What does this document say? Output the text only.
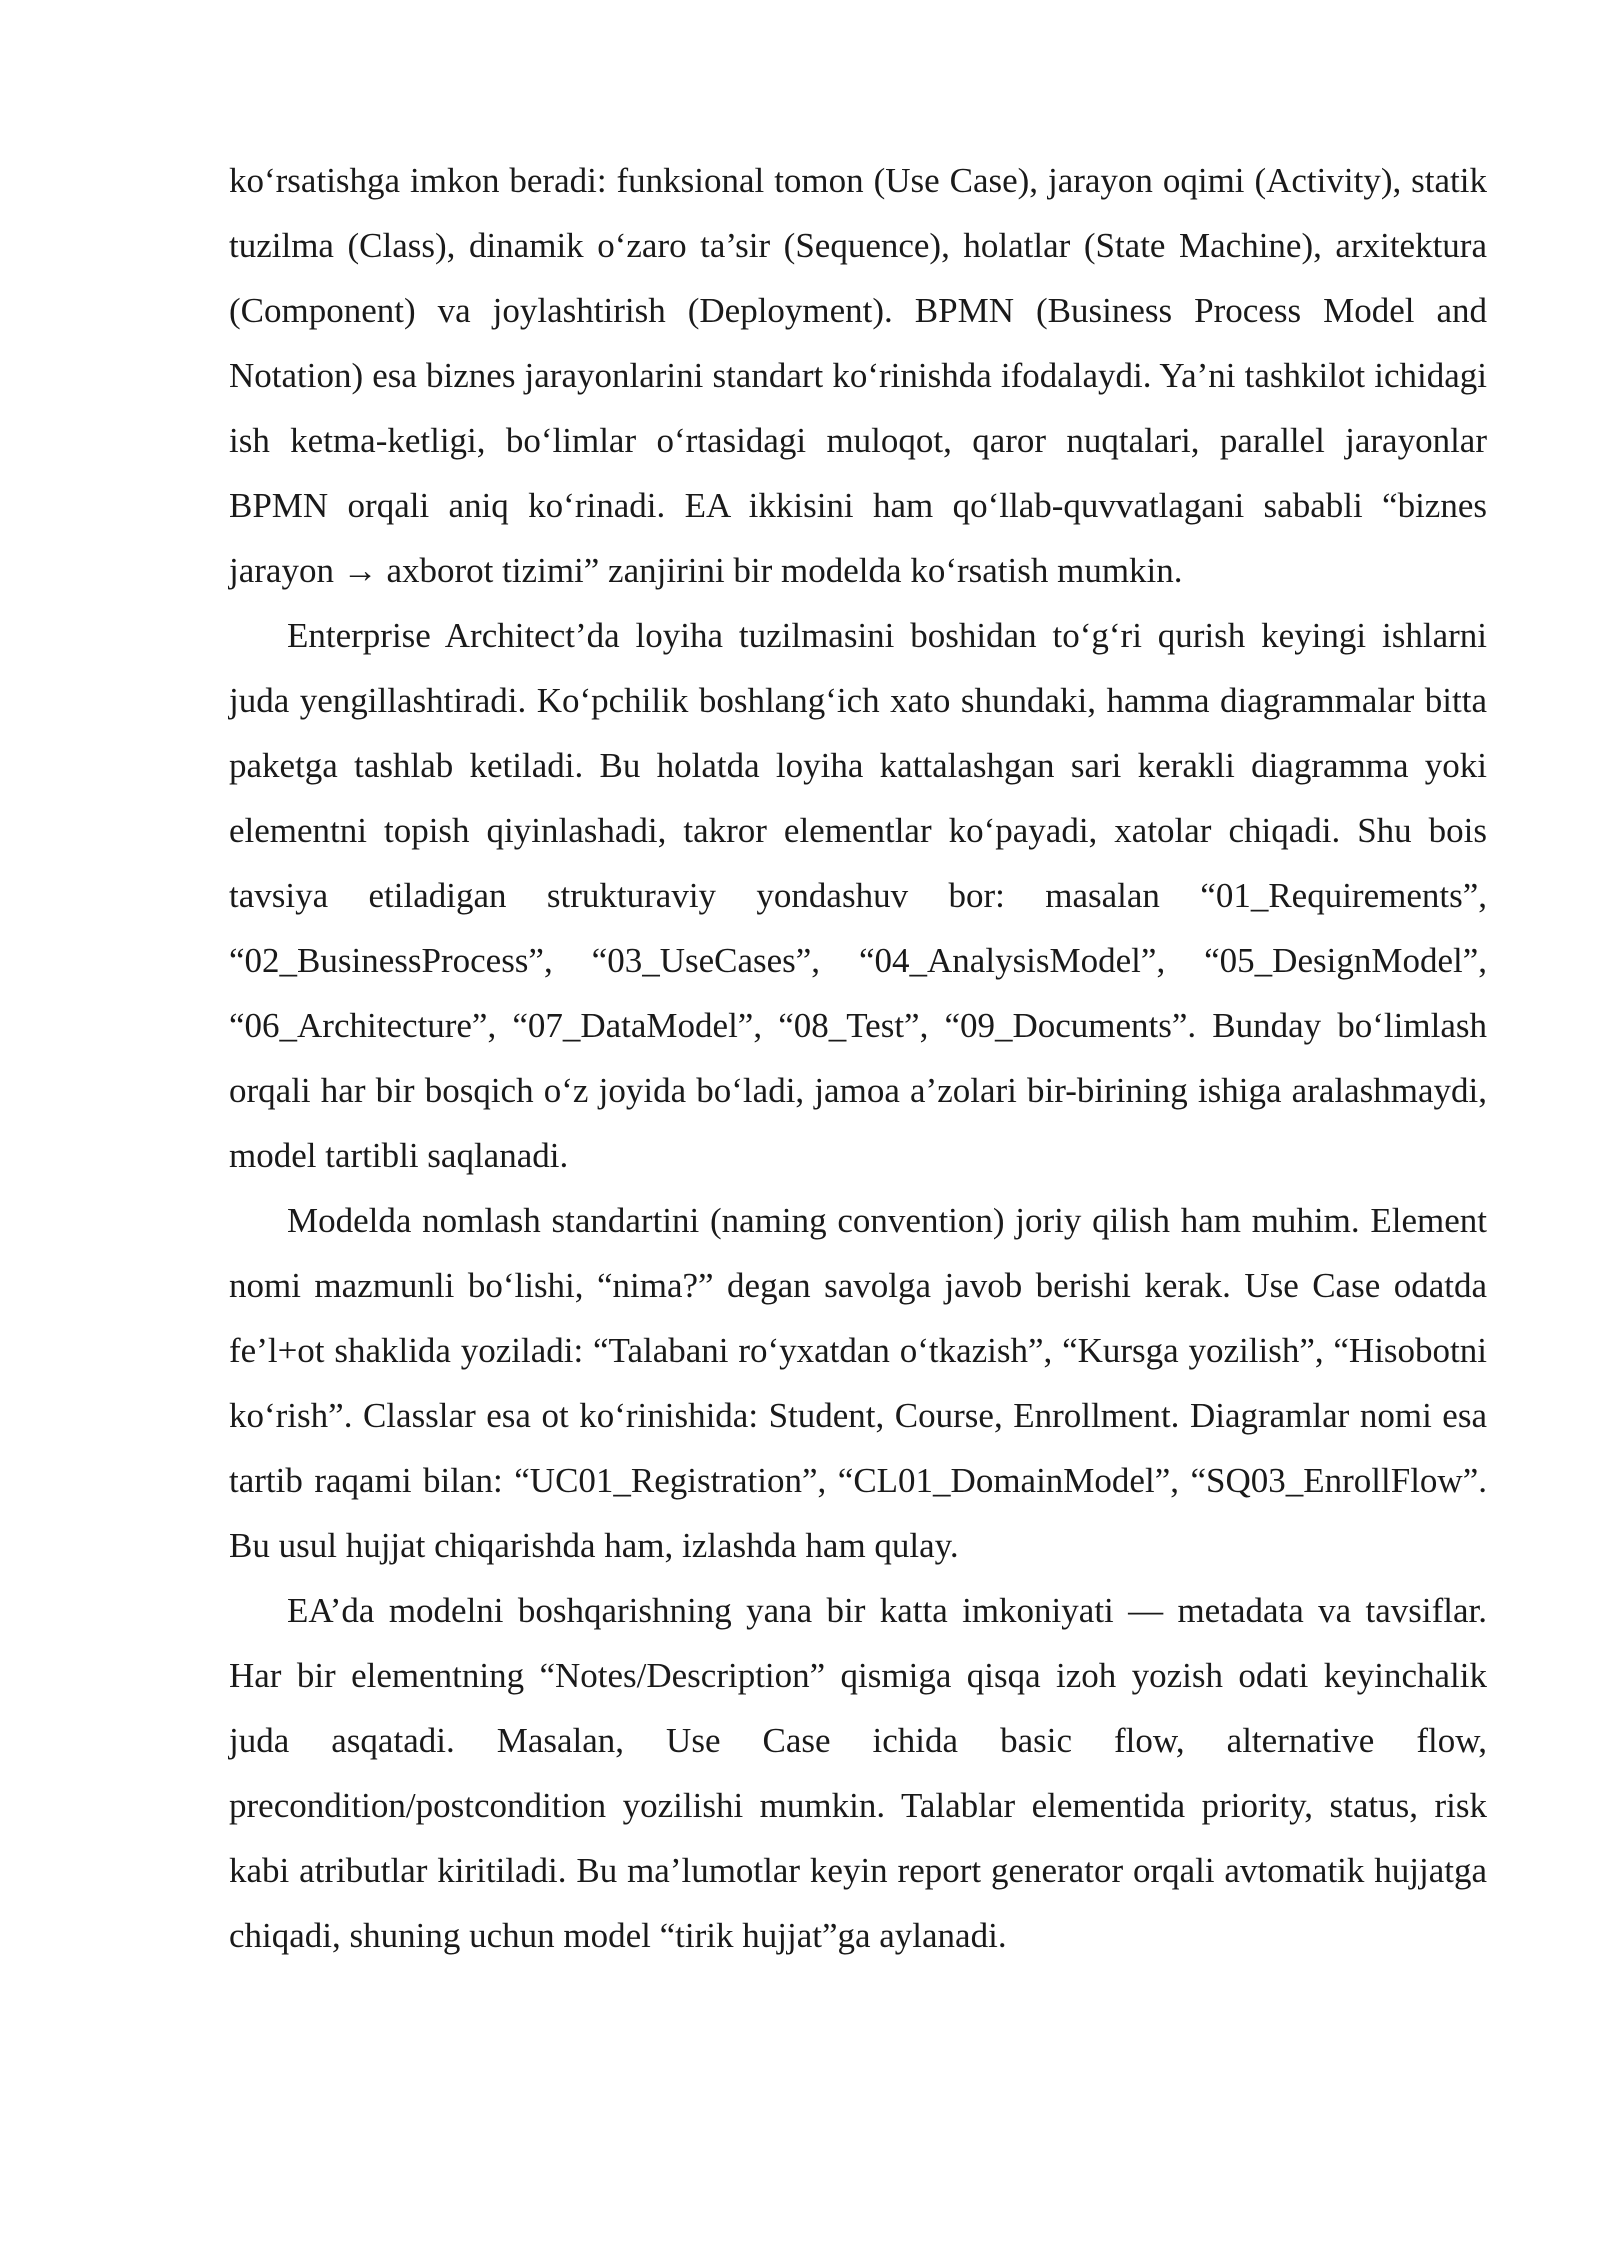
ko‘rsatishga imkon beradi: funksional tomon (Use Case), jarayon oqimi (Activity), statik tuzilma (Class), dinamik o‘zaro ta’sir (Sequence), holatlar (State Machine), arxitektura (Component) va joylashtirish (Deployment). BPMN (Business Process Model and Notation) esa biznes jarayonlarini standart ko‘rinishda ifodalaydi. Ya’ni tashkilot ichidagi ish ketma-ketligi, bo‘limlar o‘rtasidagi muloqot, qaror nuqtalari, parallel jarayonlar BPMN orqali aniq ko‘rinadi. EA ikkisini ham qo‘llab-quvvatlagani sababli “biznes jarayon → axborot tizimi” zanjirini bir modelda ko‘rsatish mumkin.

Enterprise Architect’da loyiha tuzilmasini boshidan to‘g‘ri qurish keyingi ishlarni juda yengillashtiradi. Ko‘pchilik boshlang‘ich xato shundaki, hamma diagrammalar bitta paketga tashlab ketiladi. Bu holatda loyiha kattalashgan sari kerakli diagramma yoki elementni topish qiyinlashadi, takror elementlar ko‘payadi, xatolar chiqadi. Shu bois tavsiya etiladigan strukturaviy yondashuv bor: masalan “01_Requirements”, “02_BusinessProcess”, “03_UseCases”, “04_AnalysisModel”, “05_DesignModel”, “06_Architecture”, “07_DataModel”, “08_Test”, “09_Documents”. Bunday bo‘limlash orqali har bir bosqich o‘z joyida bo‘ladi, jamoa a’zolari bir-birining ishiga aralashmaydi, model tartibli saqlanadi.

Modelda nomlash standartini (naming convention) joriy qilish ham muhim. Element nomi mazmunli bo‘lishi, “nima?” degan savolga javob berishi kerak. Use Case odatda fe’l+ot shaklida yoziladi: “Talabani ro‘yxatdan o‘tkazish”, “Kursga yozilish”, “Hisobotni ko‘rish”. Classlar esa ot ko‘rinishida: Student, Course, Enrollment. Diagramlar nomi esa tartib raqami bilan: “UC01_Registration”, “CL01_DomainModel”, “SQ03_EnrollFlow”. Bu usul hujjat chiqarishda ham, izlashda ham qulay.

EA’da modelni boshqarishning yana bir katta imkoniyati — metadata va tavsiflar. Har bir elementning “Notes/Description” qismiga qisqa izoh yozish odati keyinchalik juda asqatadi. Masalan, Use Case ichida basic flow, alternative flow, precondition/postcondition yozilishi mumkin. Talablar elementida priority, status, risk kabi atributlar kiritiladi. Bu ma’lumotlar keyin report generator orqali avtomatik hujjatga chiqadi, shuning uchun model “tirik hujjat”ga aylanadi.
